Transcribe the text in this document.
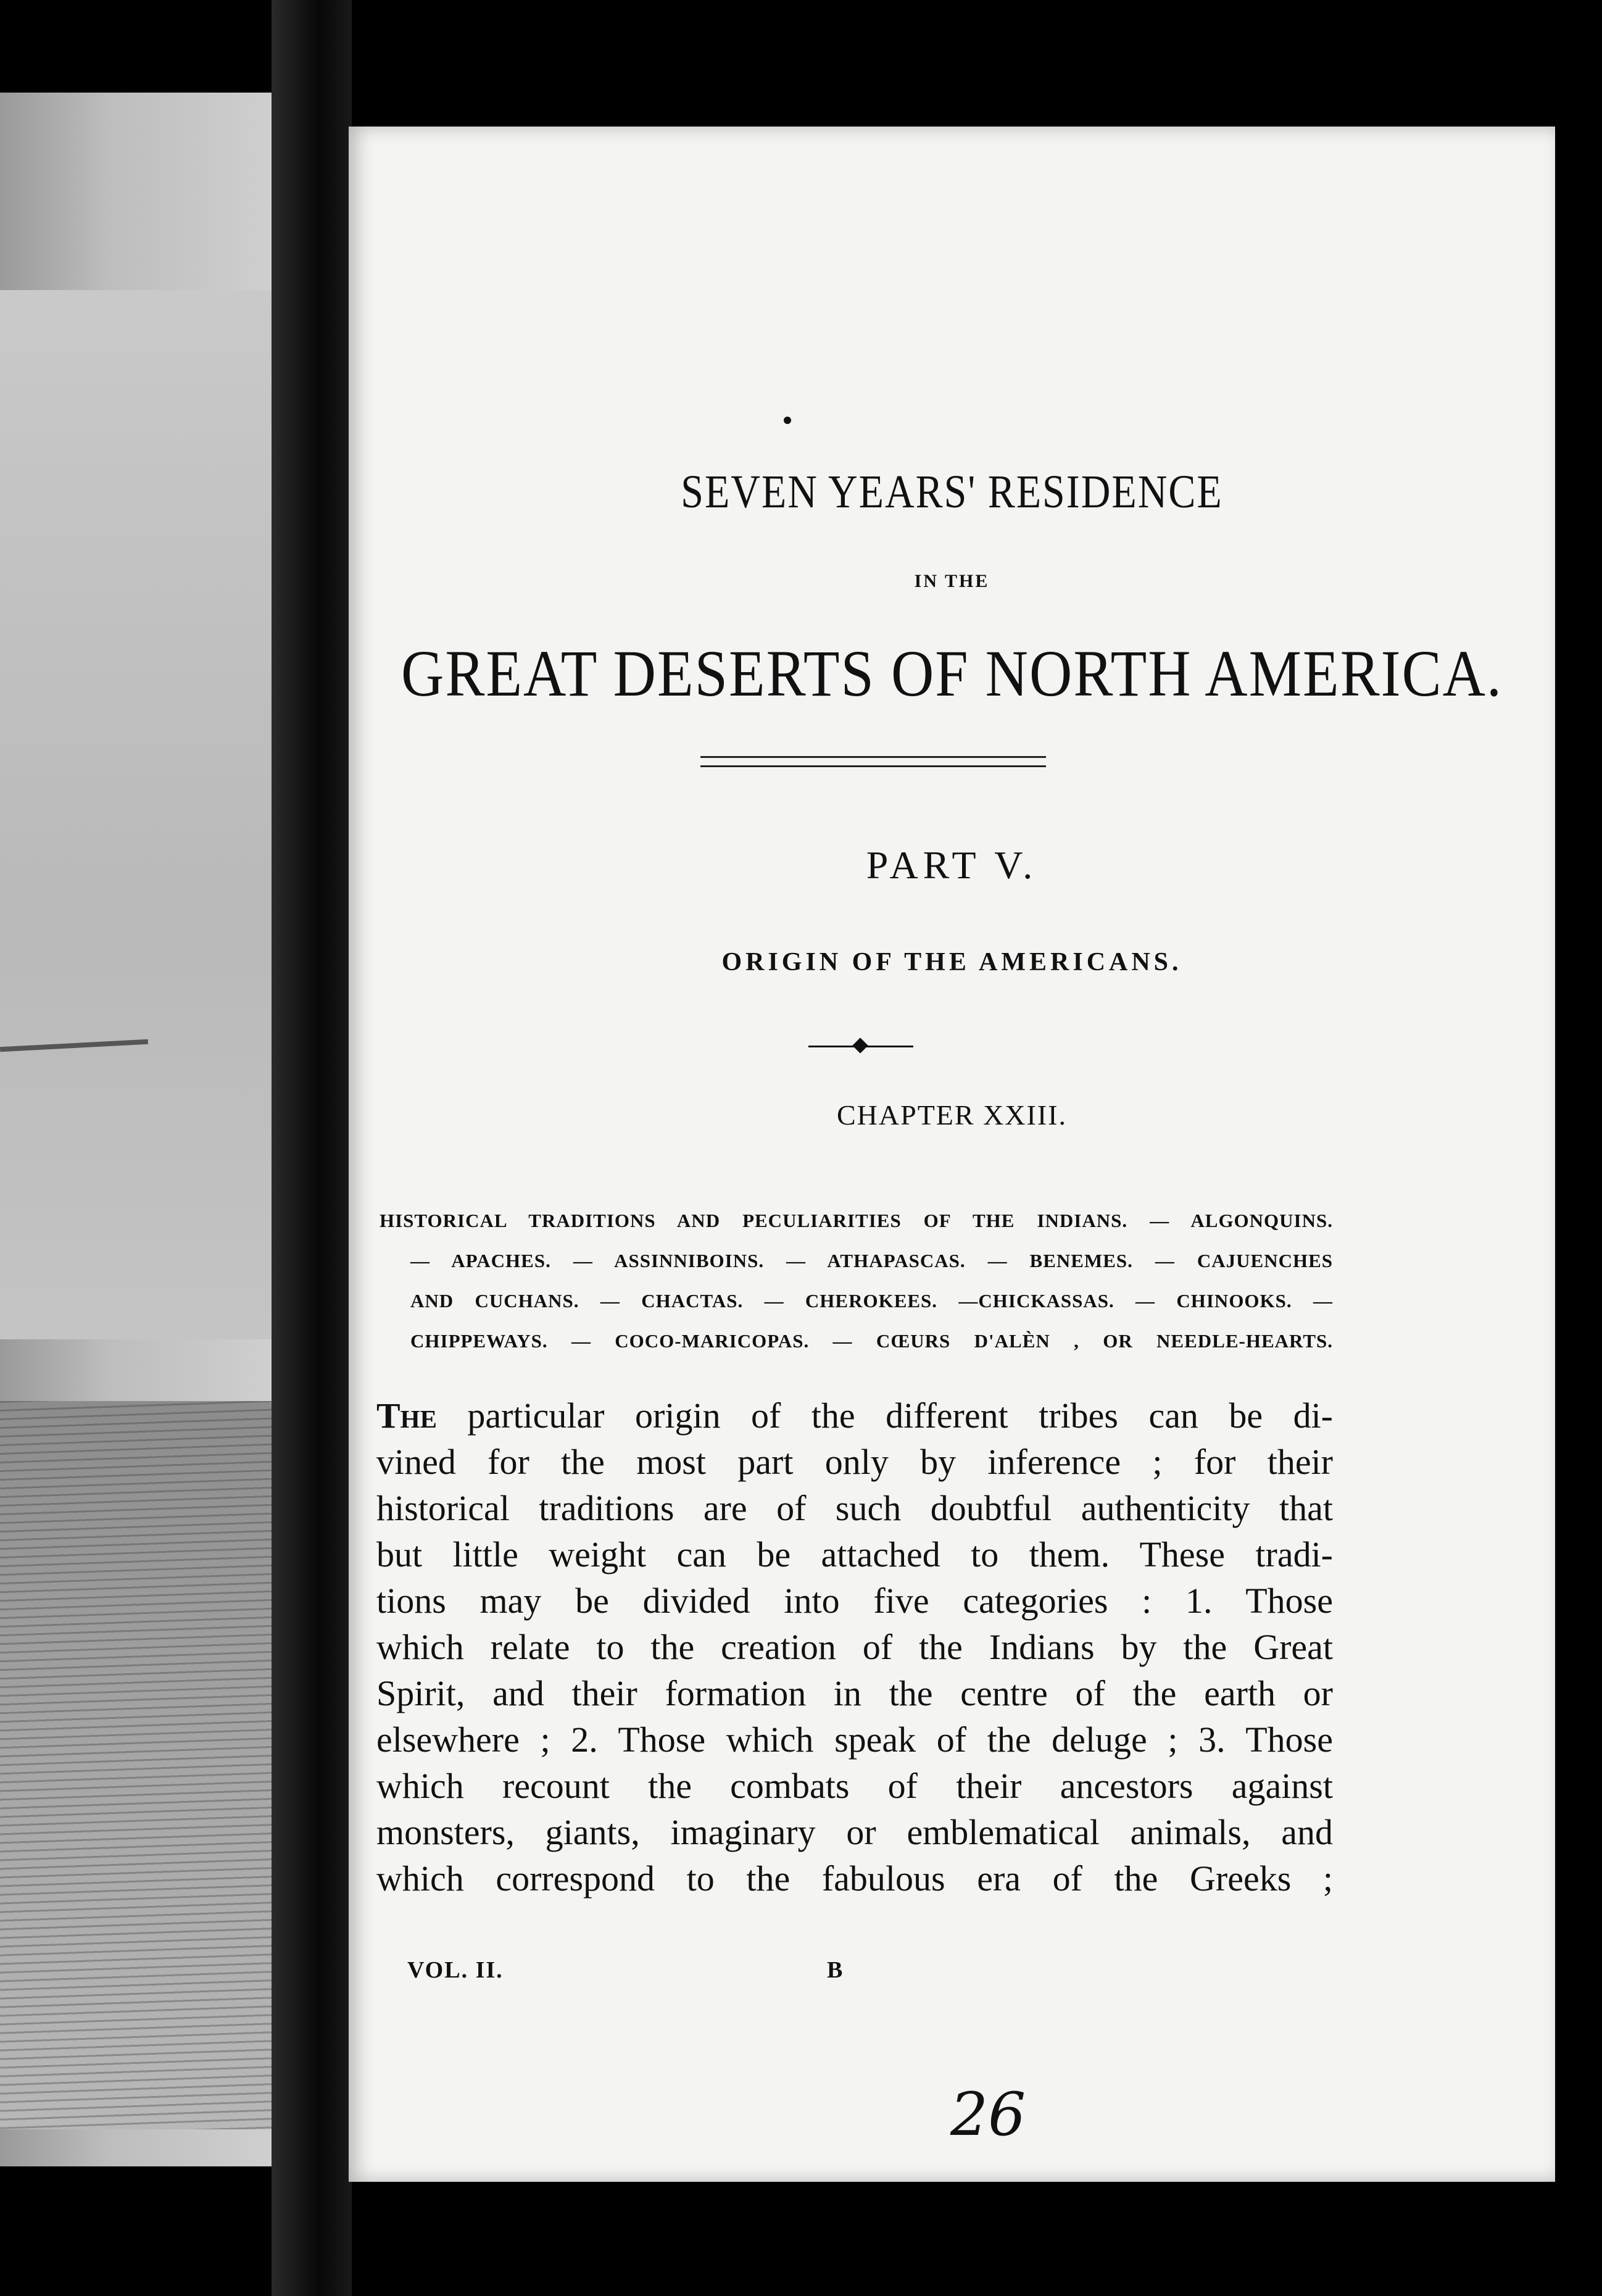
SEVEN YEARS' RESIDENCE
IN THE
GREAT DESERTS OF NORTH AMERICA.
PART V.
ORIGIN OF THE AMERICANS.
CHAPTER XXIII.
HISTORICAL TRADITIONS AND PECULIARITIES OF THE INDIANS. — ALGONQUINS.
— APACHES. — ASSINNIBOINS. — ATHAPASCAS. — BENEMES. — CAJUENCHES
AND CUCHANS. — CHACTAS. — CHEROKEES. —CHICKASSAS. — CHINOOKS. —
CHIPPEWAYS. — COCO-MARICOPAS. — CŒURS D'ALÈN , OR NEEDLE-HEARTS.
The particular origin of the different tribes can be di-
vined for the most part only by inference ; for their
historical traditions are of such doubtful authenticity that
but little weight can be attached to them. These tradi-
tions may be divided into five categories : 1. Those
which relate to the creation of the Indians by the Great
Spirit, and their formation in the centre of the earth or
elsewhere ; 2. Those which speak of the deluge ; 3. Those
which recount the combats of their ancestors against
monsters, giants, imaginary or emblematical animals, and
which correspond to the fabulous era of the Greeks ;
VOL. II.	B
26
